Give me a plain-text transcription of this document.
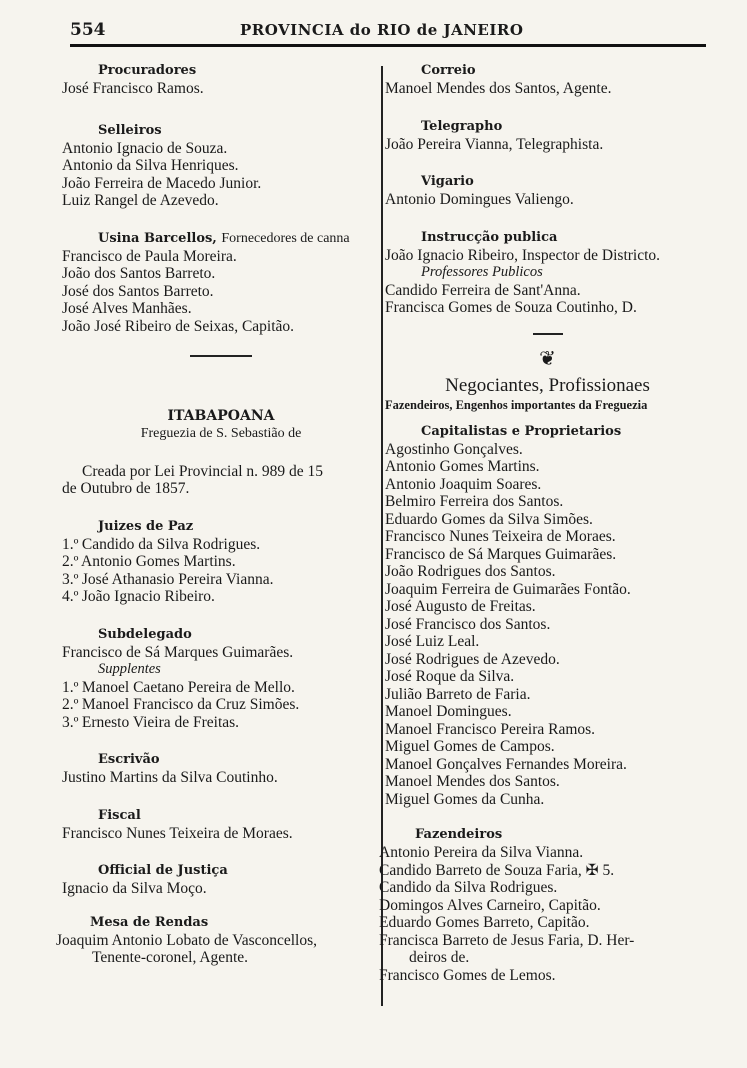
554	PROVINCIA do RIO de JANEIRO
Procuradores
José Francisco Ramos.
Selleiros
Antonio Ignacio de Souza.
Antonio da Silva Henriques.
João Ferreira de Macedo Junior.
Luiz Rangel de Azevedo.
Usina Barcellos, Fornecedores de canna
Francisco de Paula Moreira.
João dos Santos Barreto.
José dos Santos Barreto.
José Alves Manhães.
João José Ribeiro de Seixas, Capitão.
ITABAPOANA
Freguezia de S. Sebastião de
Creada por Lei Provincial n. 989 de 15
de Outubro de 1857.
Juizes de Paz
1.º Candido da Silva Rodrigues.
2.º Antonio Gomes Martins.
3.º José Athanasio Pereira Vianna.
4.º João Ignacio Ribeiro.
Subdelegado
Francisco de Sá Marques Guimarães.
Supplentes
1.º Manoel Caetano Pereira de Mello.
2.º Manoel Francisco da Cruz Simões.
3.º Ernesto Vieira de Freitas.
Escrivão
Justino Martins da Silva Coutinho.
Fiscal
Francisco Nunes Teixeira de Moraes.
Official de Justiça
Ignacio da Silva Moço.
Mesa de Rendas
Joaquim Antonio Lobato de Vasconcellos,
Tenente-coronel, Agente.
Correio
Manoel Mendes dos Santos, Agente.
Telegrapho
João Pereira Vianna, Telegraphista.
Vigario
Antonio Domingues Valiengo.
Instrucção publica
João Ignacio Ribeiro, Inspector de Districto.
Professores Publicos
Candido Ferreira de Sant'Anna.
Francisca Gomes de Souza Coutinho, D.
❦
Negociantes, Profissionaes
Fazendeiros, Engenhos importantes da Freguezia
Capitalistas e Proprietarios
Agostinho Gonçalves.
Antonio Gomes Martins.
Antonio Joaquim Soares.
Belmiro Ferreira dos Santos.
Eduardo Gomes da Silva Simões.
Francisco Nunes Teixeira de Moraes.
Francisco de Sá Marques Guimarães.
João Rodrigues dos Santos.
Joaquim Ferreira de Guimarães Fontão.
José Augusto de Freitas.
José Francisco dos Santos.
José Luiz Leal.
José Rodrigues de Azevedo.
José Roque da Silva.
Julião Barreto de Faria.
Manoel Domingues.
Manoel Francisco Pereira Ramos.
Miguel Gomes de Campos.
Manoel Gonçalves Fernandes Moreira.
Manoel Mendes dos Santos.
Miguel Gomes da Cunha.
Fazendeiros
Antonio Pereira da Silva Vianna.
Candido Barreto de Souza Faria, ✠ 5.
Candido da Silva Rodrigues.
Domingos Alves Carneiro, Capitão.
Eduardo Gomes Barreto, Capitão.
Francisca Barreto de Jesus Faria, D. Her-
deiros de.
Francisco Gomes de Lemos.
